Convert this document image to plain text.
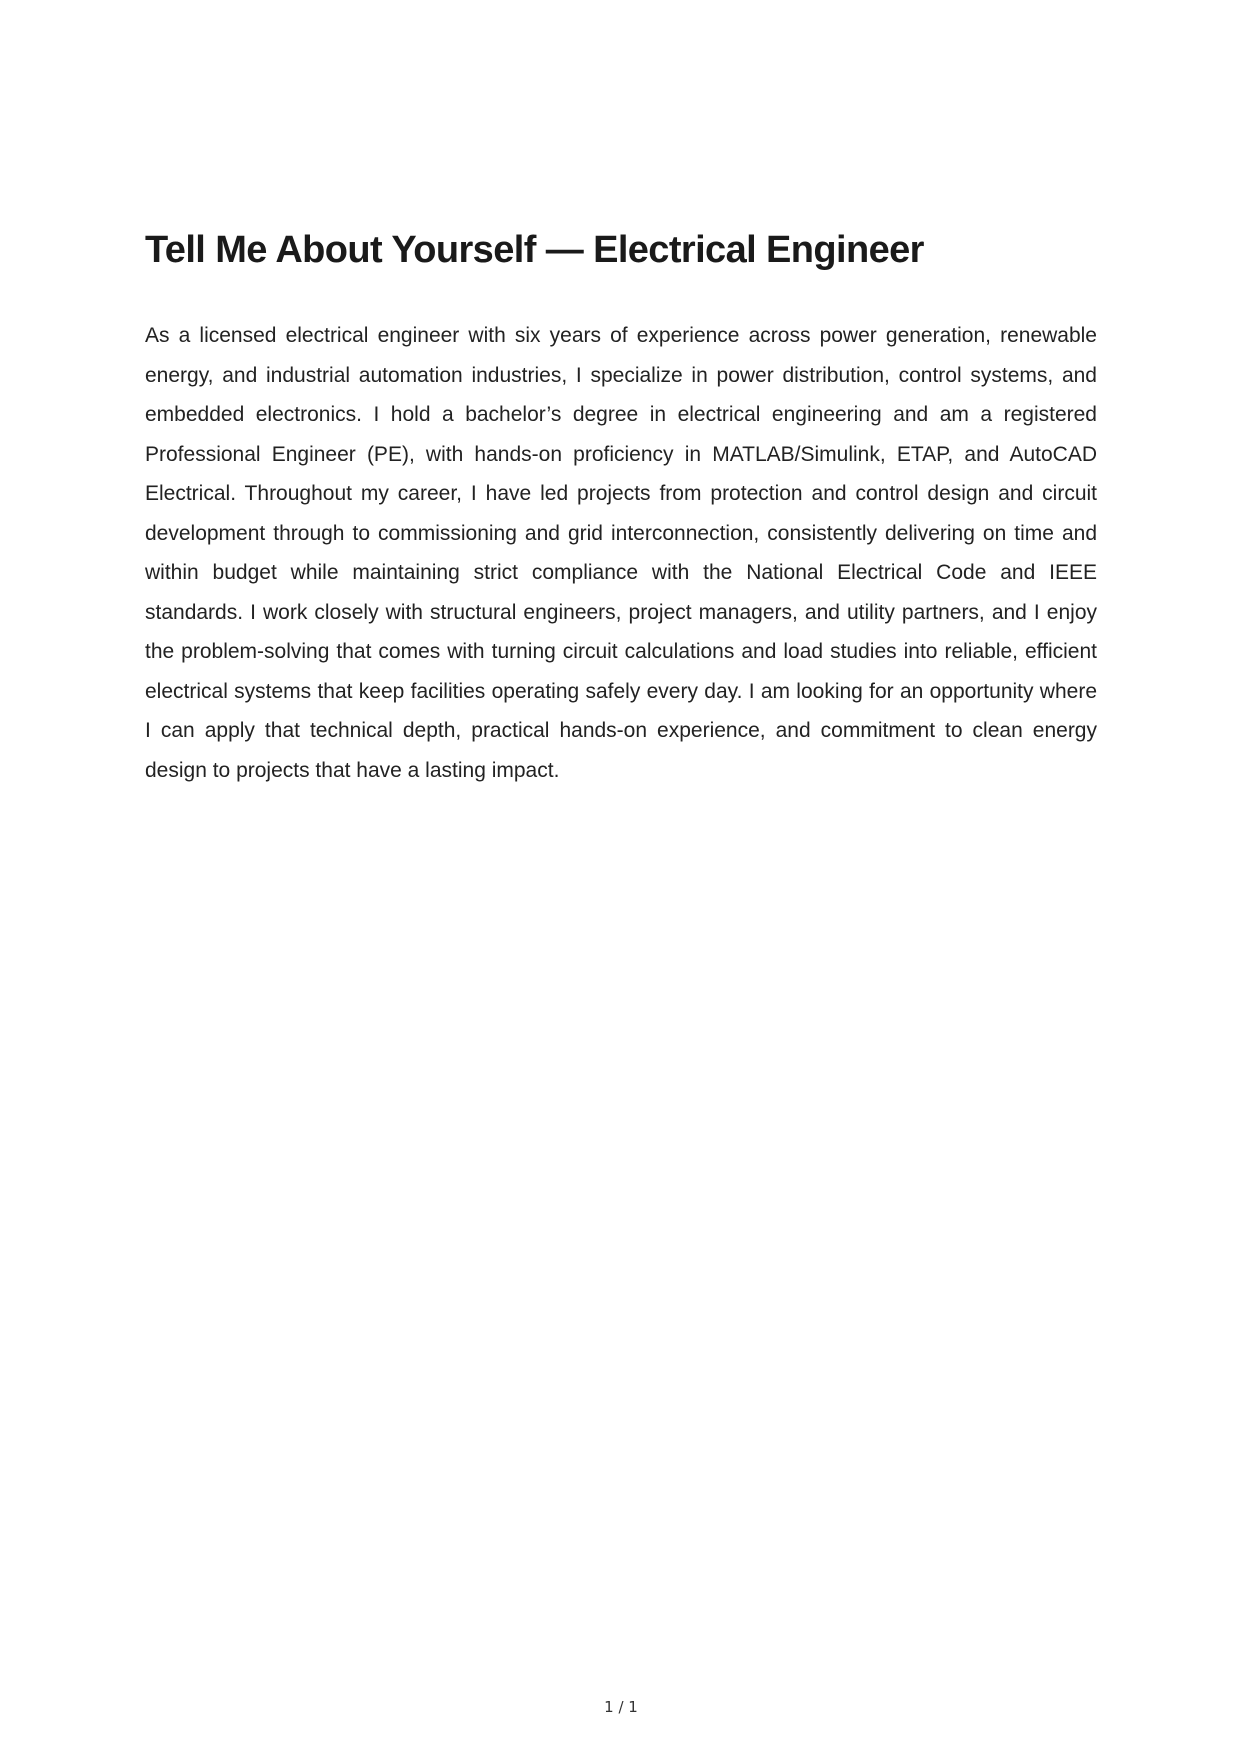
Tell Me About Yourself — Electrical Engineer

As a licensed electrical engineer with six years of experience across power generation, renewable energy, and industrial automation industries, I specialize in power distribution, control systems, and embedded electronics. I hold a bachelor’s degree in electrical engineering and am a registered Professional Engineer (PE), with hands-on proficiency in MATLAB/Simulink, ETAP, and AutoCAD Electrical. Throughout my career, I have led projects from protection and control design and circuit development through to commissioning and grid interconnection, consistently delivering on time and within budget while maintaining strict compliance with the National Electrical Code and IEEE standards. I work closely with structural engineers, project managers, and utility partners, and I enjoy the problem-solving that comes with turning circuit calculations and load studies into reliable, efficient electrical systems that keep facilities operating safely every day. I am looking for an opportunity where I can apply that technical depth, practical hands-on experience, and commitment to clean energy design to projects that have a lasting impact.

1 / 1
